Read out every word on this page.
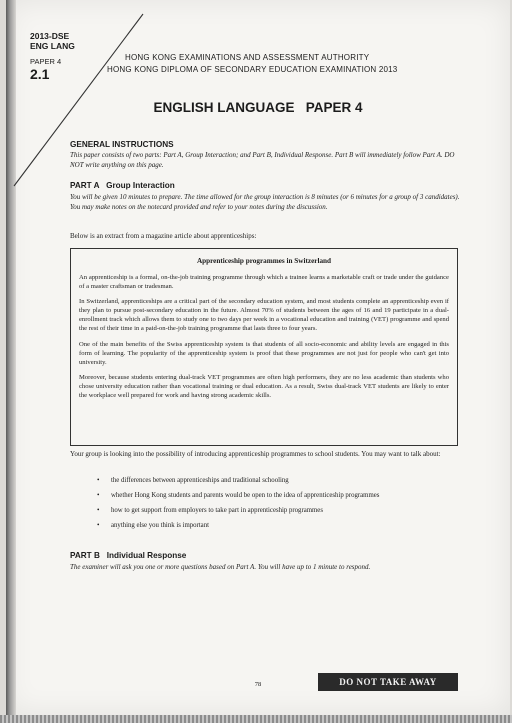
2013-DSE
ENG LANG
PAPER 4
2.1
HONG KONG EXAMINATIONS AND ASSESSMENT AUTHORITY
HONG KONG DIPLOMA OF SECONDARY EDUCATION EXAMINATION 2013
ENGLISH LANGUAGE   PAPER 4
GENERAL INSTRUCTIONS
This paper consists of two parts: Part A, Group Interaction; and Part B, Individual Response. Part B will immediately follow Part A. DO NOT write anything on this page.
PART A   Group Interaction
You will be given 10 minutes to prepare. The time allowed for the group interaction is 8 minutes (or 6 minutes for a group of 3 candidates). You may make notes on the notecard provided and refer to your notes during the discussion.
Below is an extract from a magazine article about apprenticeships:
Apprenticeship programmes in Switzerland

An apprenticeship is a formal, on-the-job training programme through which a trainee learns a marketable craft or trade under the guidance of a master craftsman or tradesman.

In Switzerland, apprenticeships are a critical part of the secondary education system, and most students complete an apprenticeship even if they plan to pursue post-secondary education in the future. Almost 70% of students between the ages of 16 and 19 participate in a dual-enrollment track which allows them to study one to two days per week in a vocational education and training (VET) programme and spend the rest of their time in a paid-on-the-job training programme that lasts three to four years.

One of the main benefits of the Swiss apprenticeship system is that students of all socio-economic and ability levels are engaged in this form of learning. The popularity of the apprenticeship system is proof that these programmes are not just for people who can't get into university.

Moreover, because students entering dual-track VET programmes are often high performers, they are no less academic than students who chose university education rather than vocational training or dual education. As a result, Swiss dual-track VET students are likely to enter the workplace well prepared for work and having strong academic skills.

Your group is looking into the possibility of introducing apprenticeship programmes to school students. You may want to talk about:
• the differences between apprenticeships and traditional schooling
• whether Hong Kong students and parents would be open to the idea of apprenticeship programmes
• how to get support from employers to take part in apprenticeship programmes
• anything else you think is important
PART B   Individual Response
The examiner will ask you one or more questions based on Part A. You will have up to 1 minute to respond.
78	DO NOT TAKE AWAY
